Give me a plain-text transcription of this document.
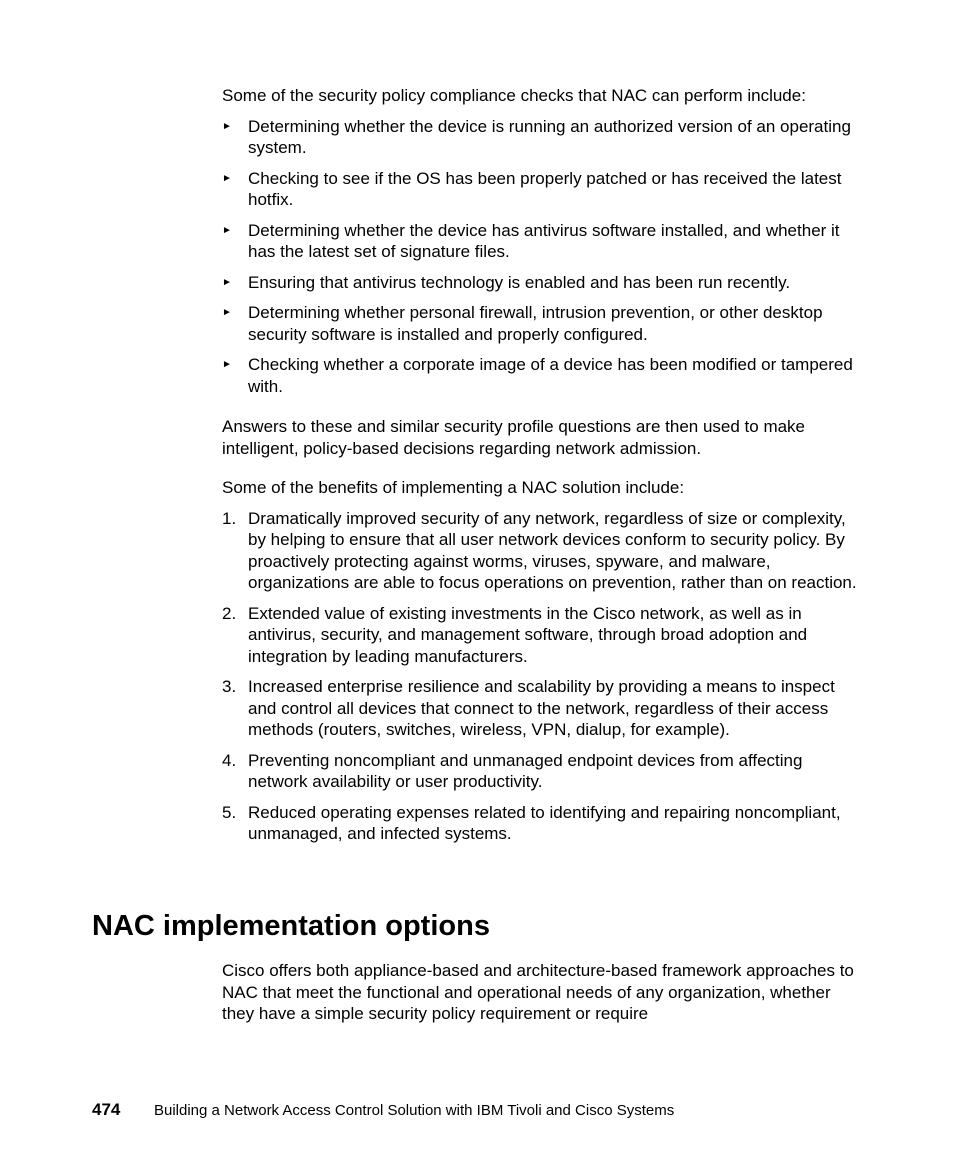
Some of the security policy compliance checks that NAC can perform include:

► Determining whether the device is running an authorized version of an operating system.
► Checking to see if the OS has been properly patched or has received the latest hotfix.
► Determining whether the device has antivirus software installed, and whether it has the latest set of signature files.
► Ensuring that antivirus technology is enabled and has been run recently.
► Determining whether personal firewall, intrusion prevention, or other desktop security software is installed and properly configured.
► Checking whether a corporate image of a device has been modified or tampered with.

Answers to these and similar security profile questions are then used to make intelligent, policy-based decisions regarding network admission.

Some of the benefits of implementing a NAC solution include:

1. Dramatically improved security of any network, regardless of size or complexity, by helping to ensure that all user network devices conform to security policy. By proactively protecting against worms, viruses, spyware, and malware, organizations are able to focus operations on prevention, rather than on reaction.
2. Extended value of existing investments in the Cisco network, as well as in antivirus, security, and management software, through broad adoption and integration by leading manufacturers.
3. Increased enterprise resilience and scalability by providing a means to inspect and control all devices that connect to the network, regardless of their access methods (routers, switches, wireless, VPN, dialup, for example).
4. Preventing noncompliant and unmanaged endpoint devices from affecting network availability or user productivity.
5. Reduced operating expenses related to identifying and repairing noncompliant, unmanaged, and infected systems.
NAC implementation options

Cisco offers both appliance-based and architecture-based framework approaches to NAC that meet the functional and operational needs of any organization, whether they have a simple security policy requirement or require

474 Building a Network Access Control Solution with IBM Tivoli and Cisco Systems
